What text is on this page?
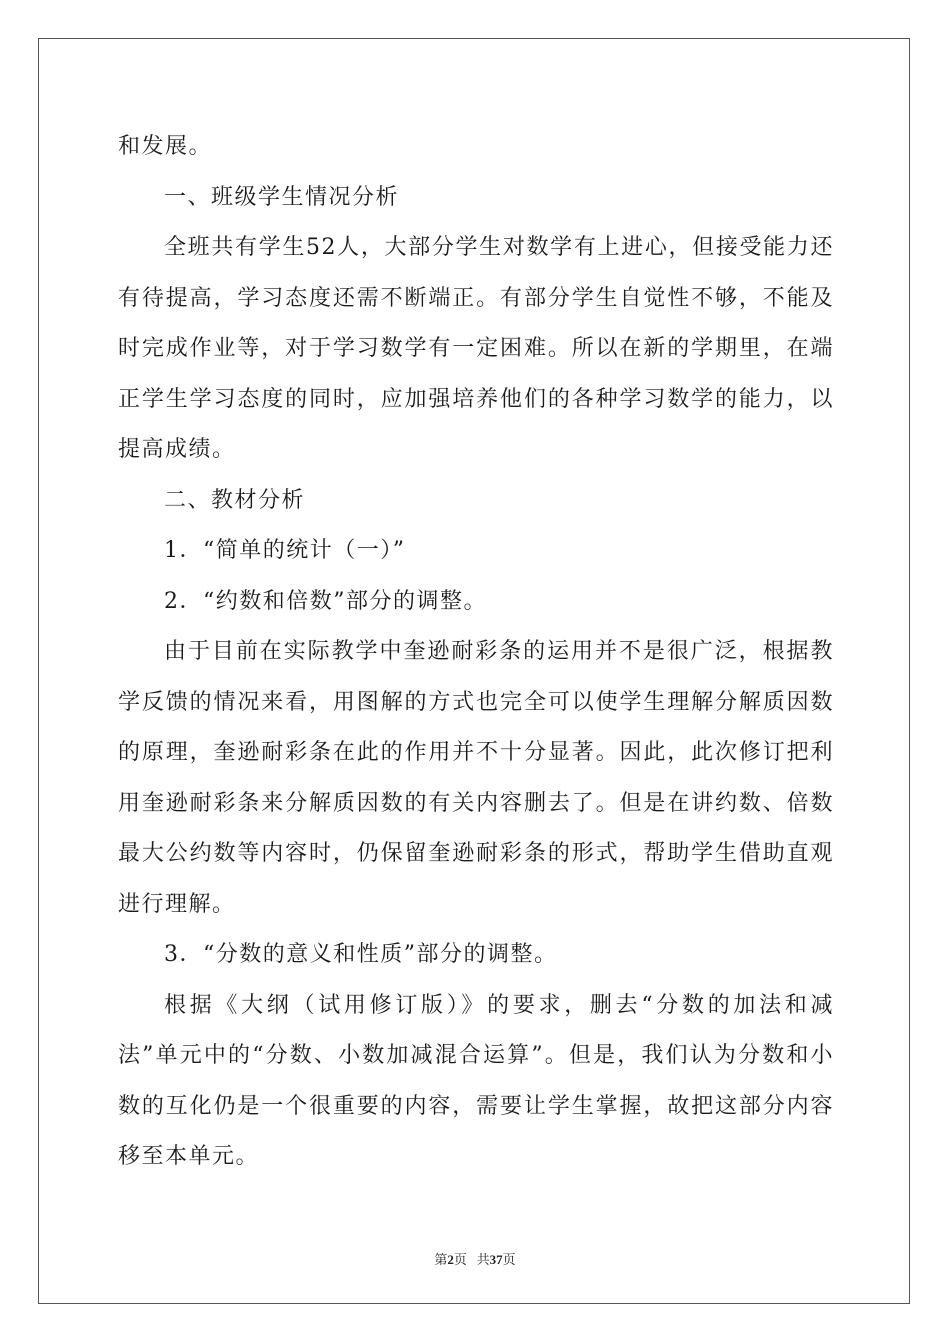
和发展。

一、班级学生情况分析

全班共有学生52人，大部分学生对数学有上进心，但接受能力还有待提高，学习态度还需不断端正。有部分学生自觉性不够，不能及时完成作业等，对于学习数学有一定困难。所以在新的学期里，在端正学生学习态度的同时，应加强培养他们的各种学习数学的能力，以提高成绩。

二、教材分析

1．“简单的统计（一）”

2．“约数和倍数”部分的调整。

由于目前在实际教学中奎逊耐彩条的运用并不是很广泛，根据教学反馈的情况来看，用图解的方式也完全可以使学生理解分解质因数的原理，奎逊耐彩条在此的作用并不十分显著。因此，此次修订把利用奎逊耐彩条来分解质因数的有关内容删去了。但是在讲约数、倍数最大公约数等内容时，仍保留奎逊耐彩条的形式，帮助学生借助直观进行理解。

3．“分数的意义和性质”部分的调整。

根据《大纲（试用修订版）》的要求，删去“分数的加法和减法”单元中的“分数、小数加减混合运算”。但是，我们认为分数和小数的互化仍是一个很重要的内容，需要让学生掌握，故把这部分内容移至本单元。

第2页 共37页
